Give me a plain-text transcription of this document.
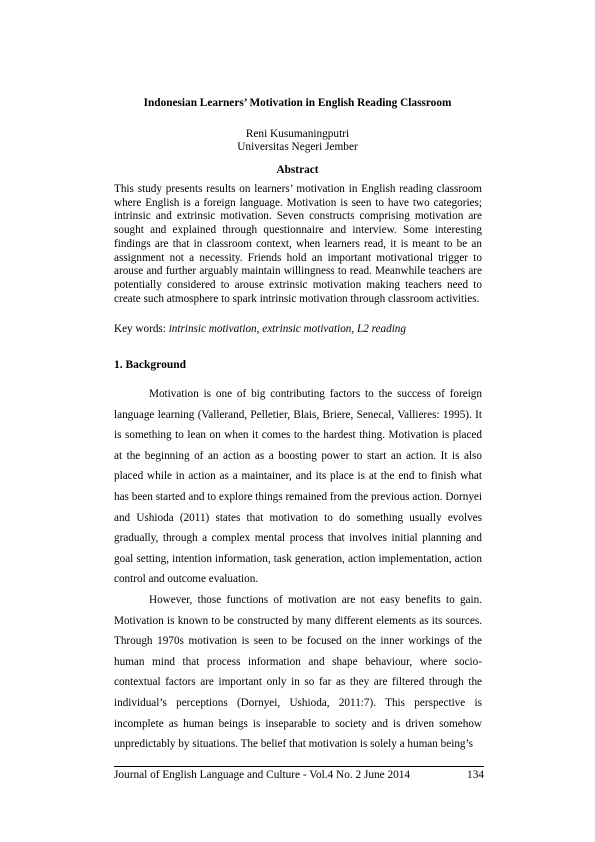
Indonesian Learners’ Motivation in English Reading Classroom
Reni Kusumaningputri
Universitas Negeri Jember
Abstract
This study presents results on learners’ motivation in English reading classroom where English is a foreign language. Motivation is seen to have two categories; intrinsic and extrinsic motivation. Seven constructs comprising motivation are sought and explained through questionnaire and interview. Some interesting findings are that in classroom context, when learners read, it is meant to be an assignment not a necessity. Friends hold an important motivational trigger to arouse and further arguably maintain willingness to read. Meanwhile teachers are potentially considered to arouse extrinsic motivation making teachers need to create such atmosphere to spark intrinsic motivation through classroom activities.
Key words: intrinsic motivation, extrinsic motivation, L2 reading
1. Background

Motivation is one of big contributing factors to the success of foreign language learning (Vallerand, Pelletier, Blais, Briere, Senecal, Vallieres: 1995). It is something to lean on when it comes to the hardest thing. Motivation is placed at the beginning of an action as a boosting power to start an action. It is also placed while in action as a maintainer, and its place is at the end to finish what has been started and to explore things remained from the previous action. Dornyei and Ushioda (2011) states that motivation to do something usually evolves gradually, through a complex mental process that involves initial planning and goal setting, intention information, task generation, action implementation, action control and outcome evaluation.

However, those functions of motivation are not easy benefits to gain. Motivation is known to be constructed by many different elements as its sources. Through 1970s motivation is seen to be focused on the inner workings of the human mind that process information and shape behaviour, where socio-contextual factors are important only in so far as they are filtered through the individual’s perceptions (Dornyei, Ushioda, 2011:7). This perspective is incomplete as human beings is inseparable to society and is driven somehow unpredictably by situations. The belief that motivation is solely a human being’s

Journal of English Language and Culture - Vol.4 No. 2 June 2014	134
